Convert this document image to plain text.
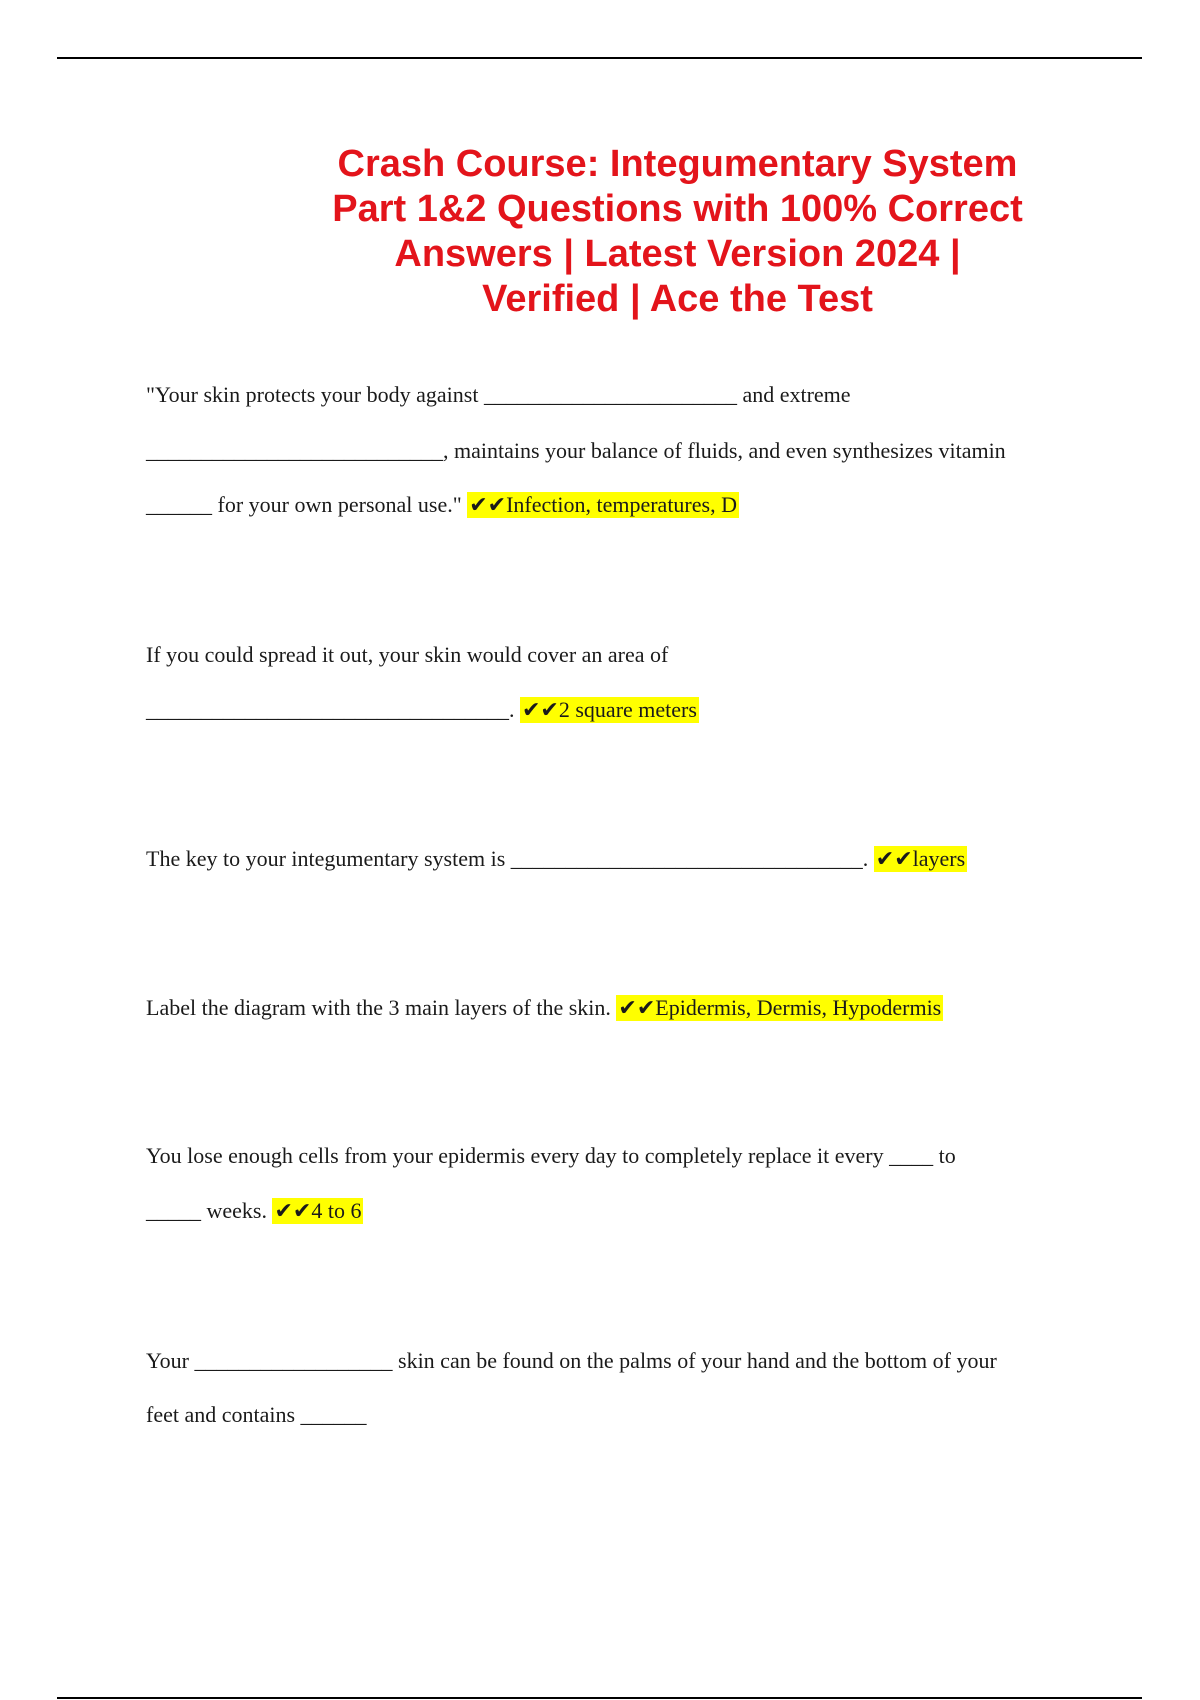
Crash Course: Integumentary System
Part 1&2 Questions with 100% Correct
Answers | Latest Version 2024 |
Verified | Ace the Test
"Your skin protects your body against _______________________ and extreme
___________________________, maintains your balance of fluids, and even synthesizes vitamin
______ for your own personal use." ✔✔Infection, temperatures, D
If you could spread it out, your skin would cover an area of
_________________________________. ✔✔2 square meters
The key to your integumentary system is ________________________________. ✔✔layers
Label the diagram with the 3 main layers of the skin. ✔✔Epidermis, Dermis, Hypodermis
You lose enough cells from your epidermis every day to completely replace it every ____ to
_____ weeks. ✔✔4 to 6
Your __________________ skin can be found on the palms of your hand and the bottom of your
feet and contains ______
